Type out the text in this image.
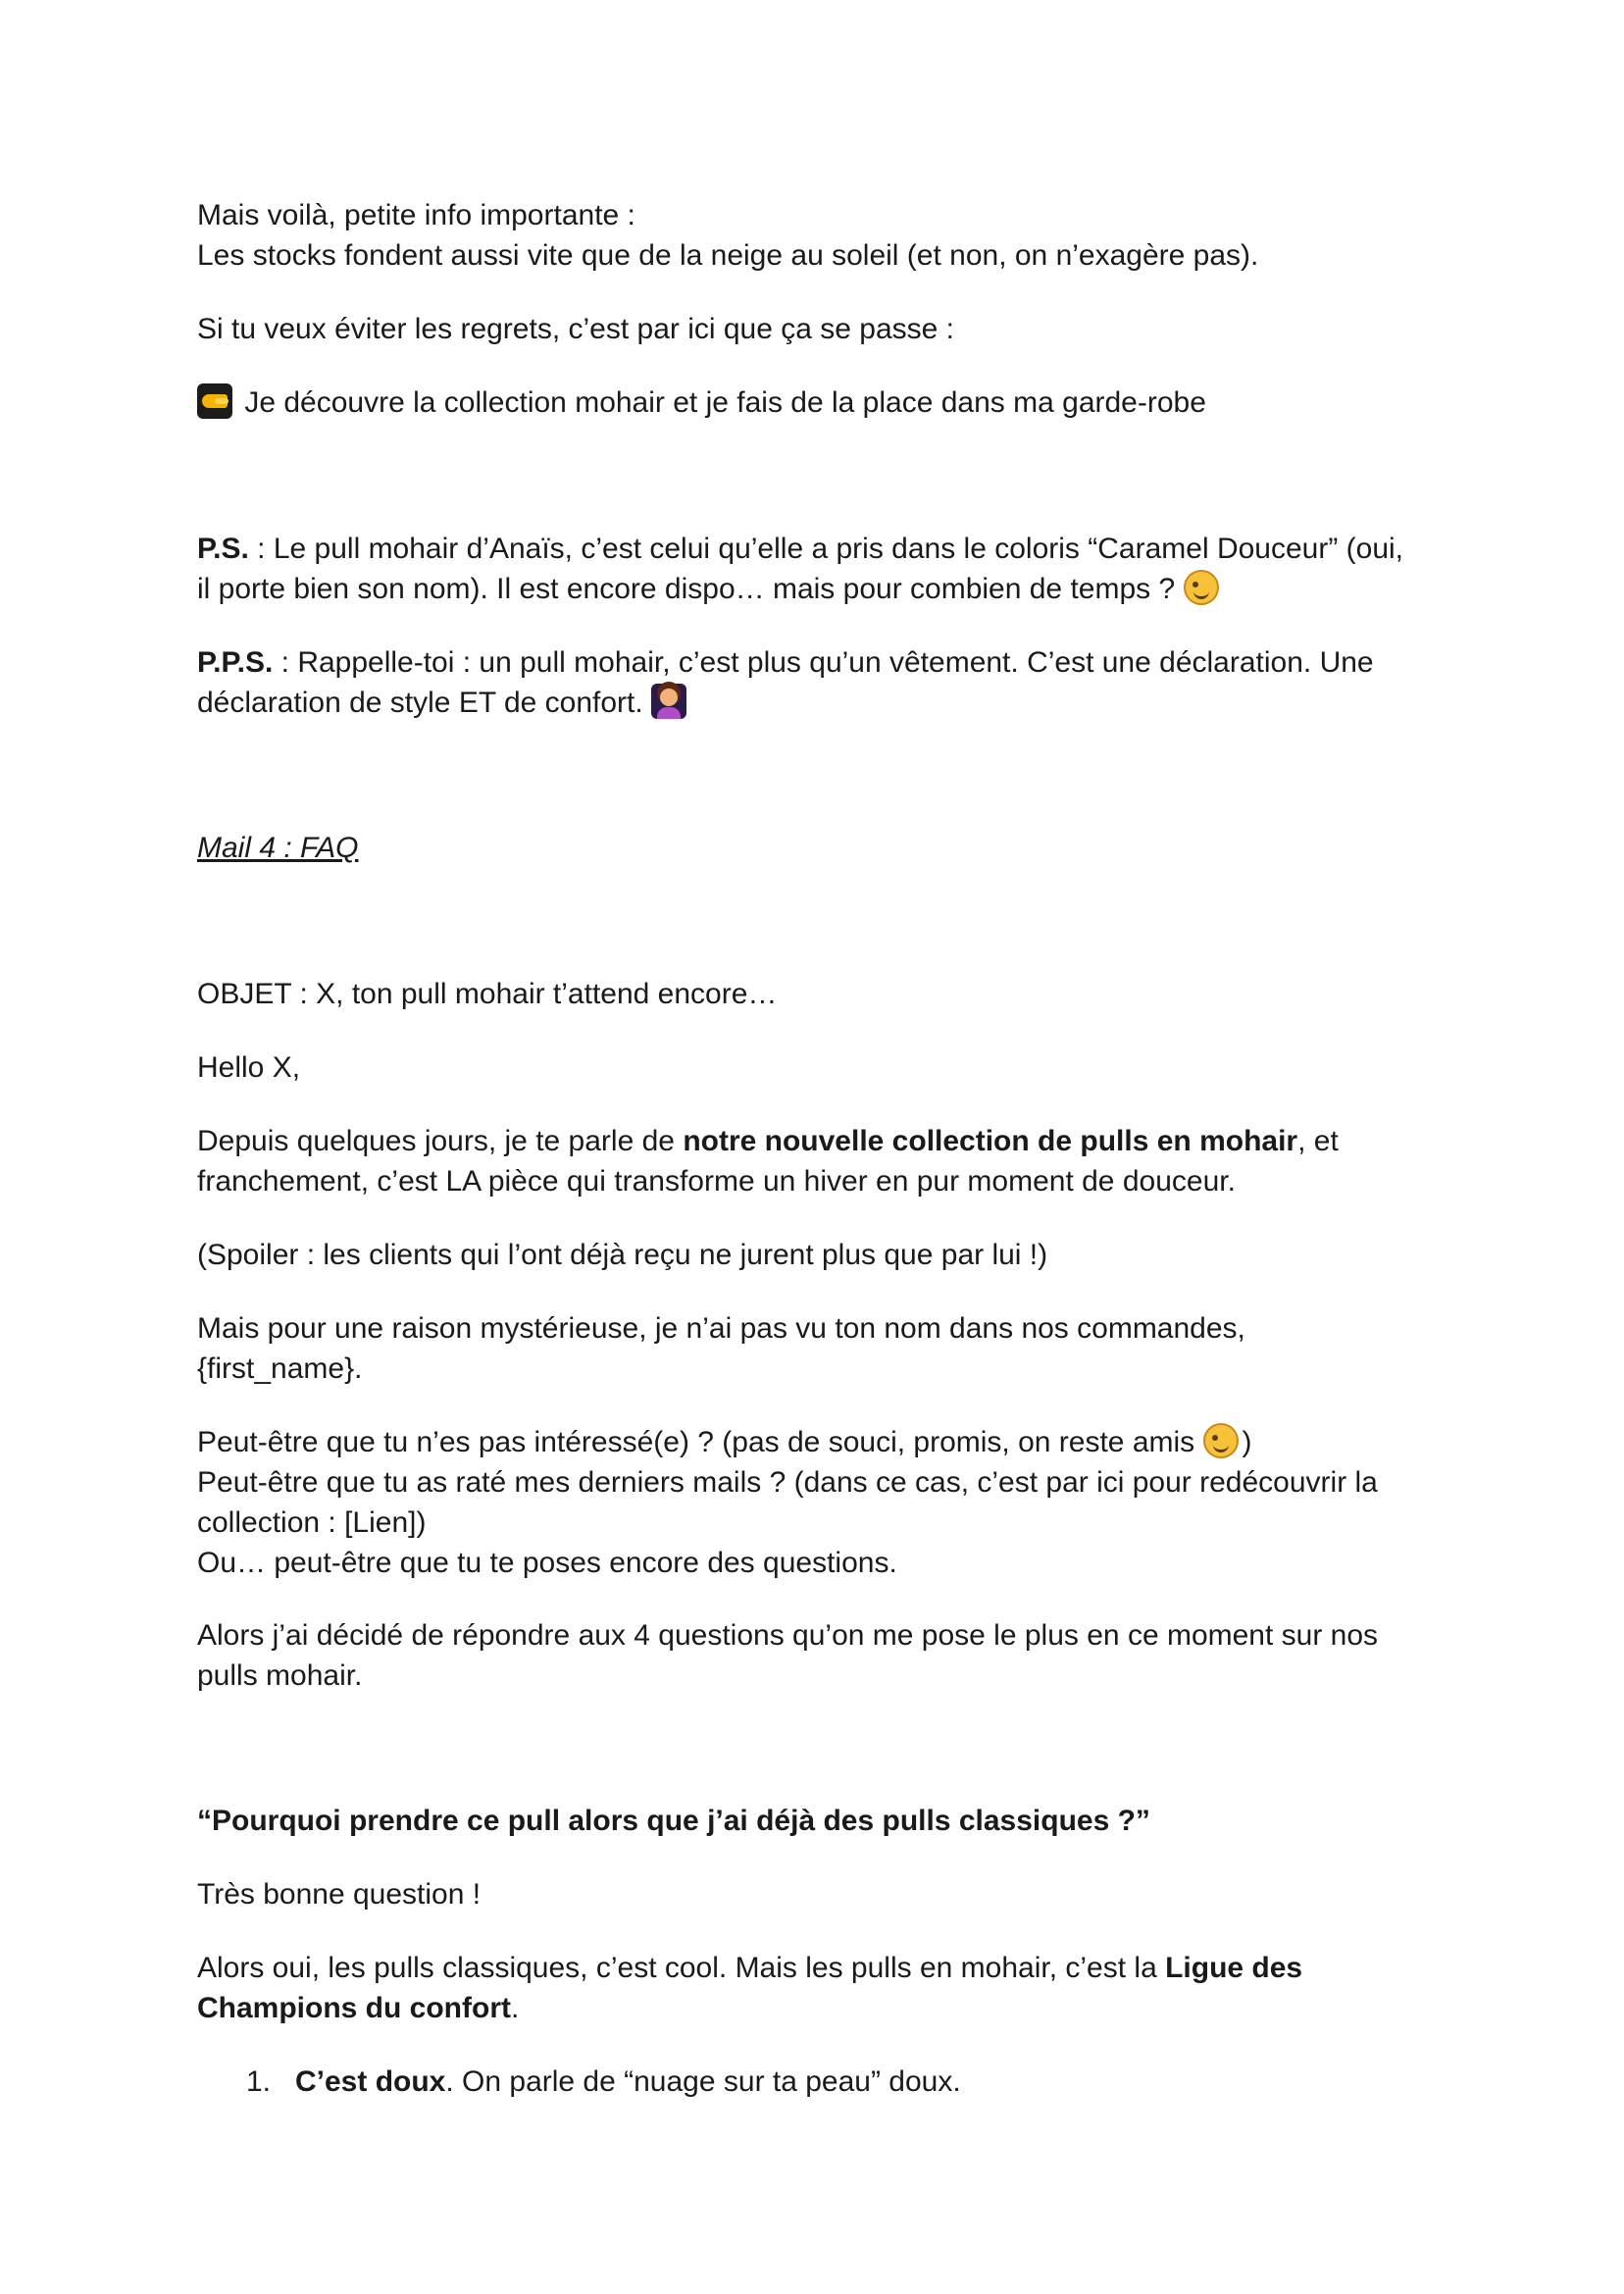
Mais voilà, petite info importante :
Les stocks fondent aussi vite que de la neige au soleil (et non, on n’exagère pas).

Si tu veux éviter les regrets, c’est par ici que ça se passe :

Je découvre la collection mohair et je fais de la place dans ma garde-robe

P.S. : Le pull mohair d’Anaïs, c’est celui qu’elle a pris dans le coloris “Caramel Douceur” (oui,
il porte bien son nom). Il est encore dispo… mais pour combien de temps ?

P.P.S. : Rappelle-toi : un pull mohair, c’est plus qu’un vêtement. C’est une déclaration. Une
déclaration de style ET de confort.

Mail 4 : FAQ

OBJET : X, ton pull mohair t’attend encore…

Hello X,

Depuis quelques jours, je te parle de notre nouvelle collection de pulls en mohair, et
franchement, c’est LA pièce qui transforme un hiver en pur moment de douceur.

(Spoiler : les clients qui l’ont déjà reçu ne jurent plus que par lui !)

Mais pour une raison mystérieuse, je n’ai pas vu ton nom dans nos commandes,
{first_name}.

Peut-être que tu n’es pas intéressé(e) ? (pas de souci, promis, on reste amis )
Peut-être que tu as raté mes derniers mails ? (dans ce cas, c’est par ici pour redécouvrir la
collection : [Lien])
Ou… peut-être que tu te poses encore des questions.

Alors j’ai décidé de répondre aux 4 questions qu’on me pose le plus en ce moment sur nos
pulls mohair.

“Pourquoi prendre ce pull alors que j’ai déjà des pulls classiques ?”

Très bonne question !

Alors oui, les pulls classiques, c’est cool. Mais les pulls en mohair, c’est la Ligue des
Champions du confort.

1. C’est doux. On parle de “nuage sur ta peau” doux.
